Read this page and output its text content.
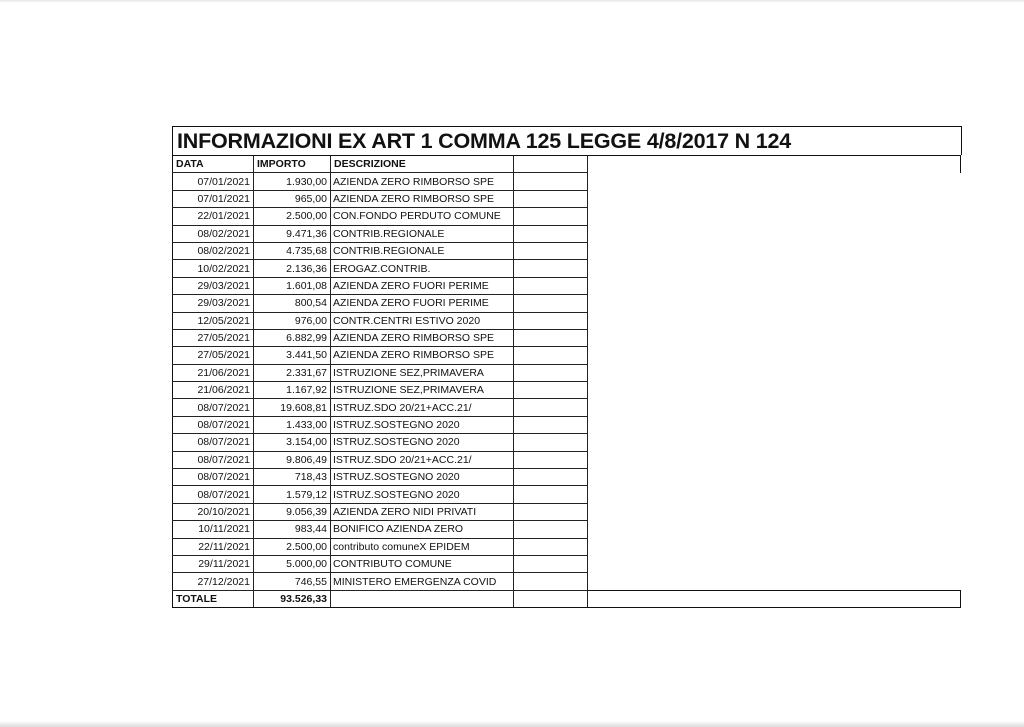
INFORMAZIONI EX ART 1 COMMA 125 LEGGE 4/8/2017 N 124
DATA	IMPORTO	DESCRIZIONE		
07/01/2021	1.930,00	AZIENDA ZERO RIMBORSO SPE		
07/01/2021	965,00	AZIENDA ZERO RIMBORSO SPE		
22/01/2021	2.500,00	CON.FONDO PERDUTO COMUNE		
08/02/2021	9.471,36	CONTRIB.REGIONALE		
08/02/2021	4.735,68	CONTRIB.REGIONALE		
10/02/2021	2.136,36	EROGAZ.CONTRIB.		
29/03/2021	1.601,08	AZIENDA ZERO FUORI PERIME		
29/03/2021	800,54	AZIENDA ZERO FUORI PERIME		
12/05/2021	976,00	CONTR.CENTRI ESTIVO 2020		
27/05/2021	6.882,99	AZIENDA ZERO RIMBORSO SPE		
27/05/2021	3.441,50	AZIENDA ZERO RIMBORSO SPE		
21/06/2021	2.331,67	ISTRUZIONE SEZ,PRIMAVERA		
21/06/2021	1.167,92	ISTRUZIONE SEZ,PRIMAVERA		
08/07/2021	19.608,81	ISTRUZ.SDO 20/21+ACC.21/		
08/07/2021	1.433,00	ISTRUZ.SOSTEGNO 2020		
08/07/2021	3.154,00	ISTRUZ.SOSTEGNO 2020		
08/07/2021	9.806,49	ISTRUZ.SDO 20/21+ACC.21/		
08/07/2021	718,43	ISTRUZ.SOSTEGNO 2020		
08/07/2021	1.579,12	ISTRUZ.SOSTEGNO 2020		
20/10/2021	9.056,39	AZIENDA ZERO NIDI PRIVATI		
10/11/2021	983,44	BONIFICO AZIENDA ZERO		
22/11/2021	2.500,00	contributo comuneX EPIDEM		
29/11/2021	5.000,00	CONTRIBUTO COMUNE		
27/12/2021	746,55	MINISTERO EMERGENZA COVID		
TOTALE	93.526,33			
